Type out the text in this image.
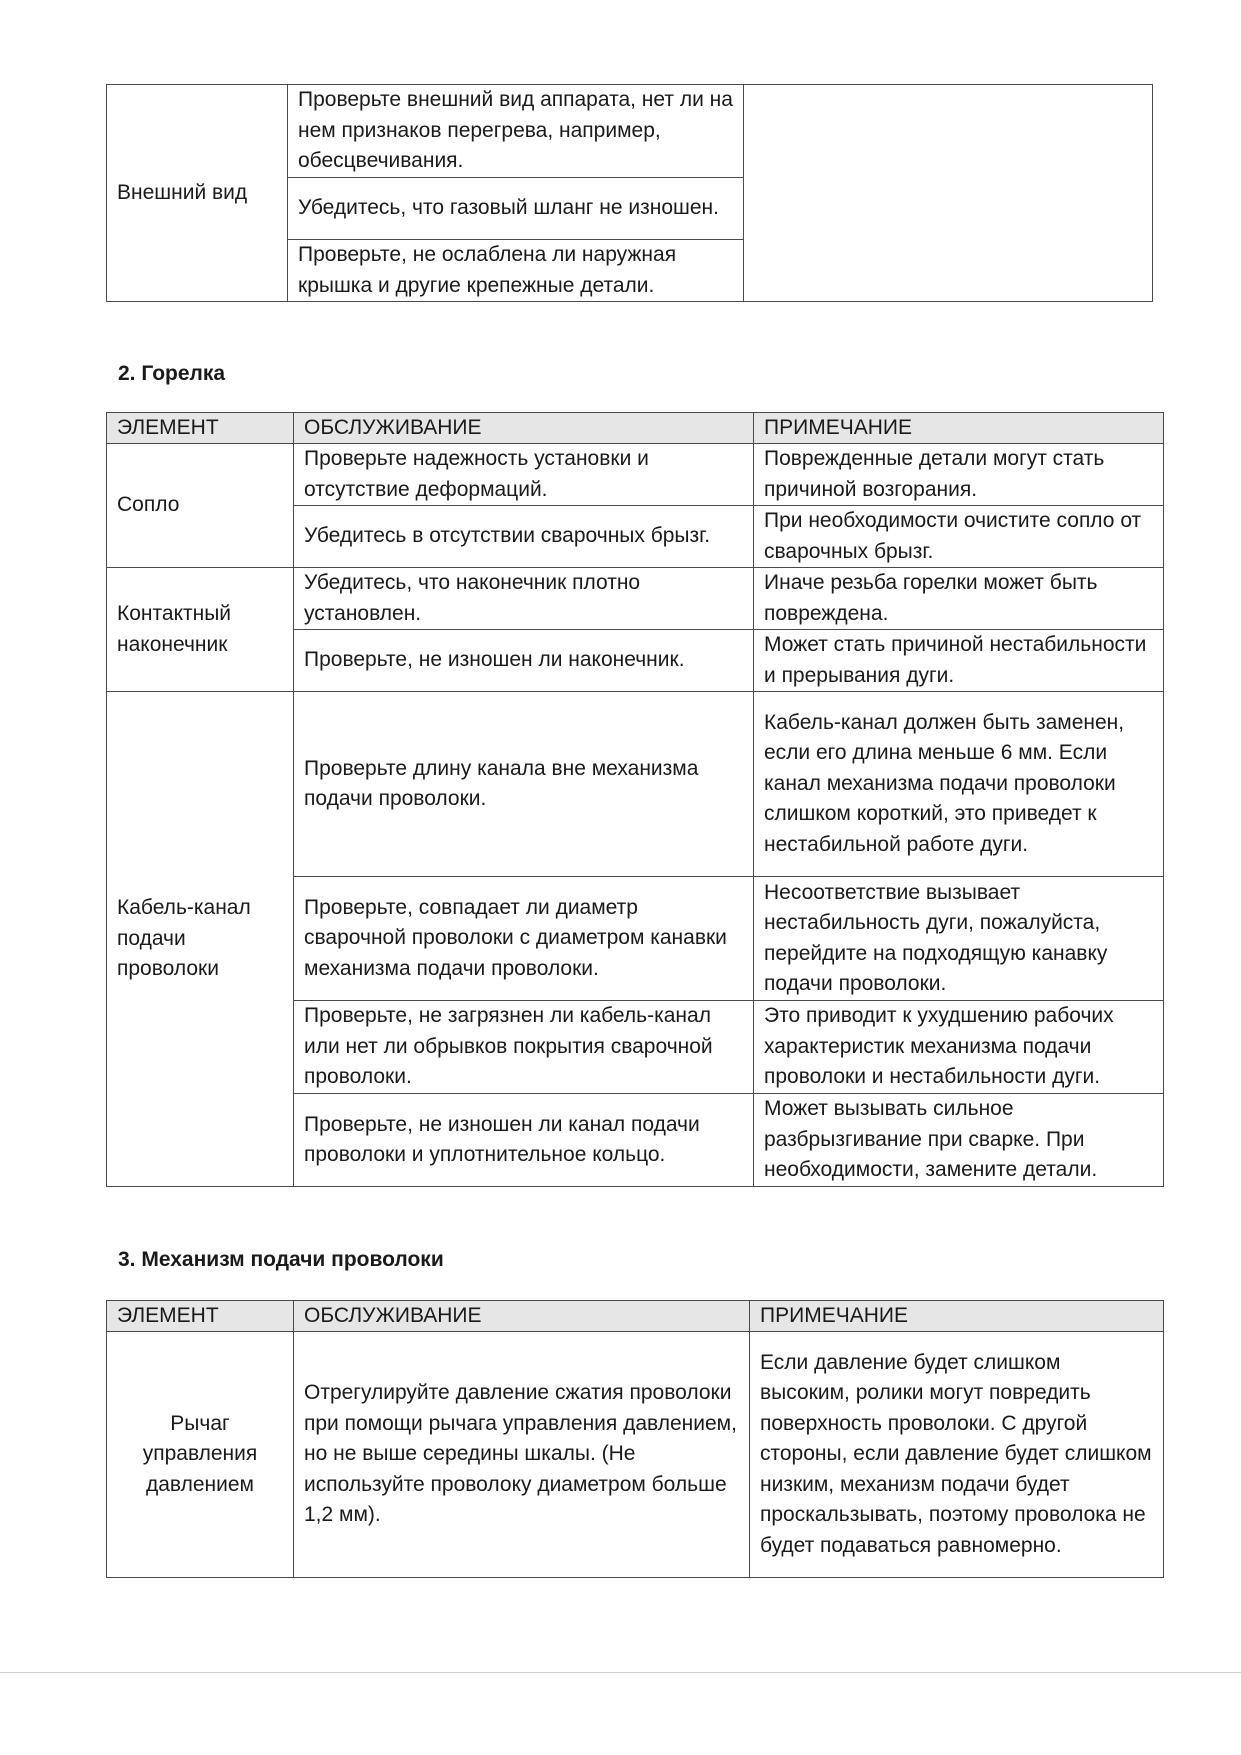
Внешний вид	Проверьте внешний вид аппарата, нет ли на нем признаков перегрева, например, обесцвечивания.	
Убедитесь, что газовый шланг не изношен.
Проверьте, не ослаблена ли наружная крышка и другие крепежные детали.
2. Горелка
ЭЛЕМЕНТ	ОБСЛУЖИВАНИЕ	ПРИМЕЧАНИЕ
Сопло	Проверьте надежность установки и отсутствие деформаций.	Поврежденные детали могут стать причиной возгорания.
	Убедитесь в отсутствии сварочных брызг.	При необходимости очистите сопло от сварочных брызг.
Контактный наконечник	Убедитесь, что наконечник плотно установлен.	Иначе резьба горелки может быть повреждена.
	Проверьте, не изношен ли наконечник.	Может стать причиной нестабильности и прерывания дуги.
Кабель-канал подачи проволоки	Проверьте длину канала вне механизма подачи проволоки.	Кабель-канал должен быть заменен, если его длина меньше 6 мм. Если канал механизма подачи проволоки слишком короткий, это приведет к нестабильной работе дуги.
	Проверьте, совпадает ли диаметр сварочной проволоки с диаметром канавки механизма подачи проволоки.	Несоответствие вызывает нестабильность дуги, пожалуйста, перейдите на подходящую канавку подачи проволоки.
	Проверьте, не загрязнен ли кабель-канал или нет ли обрывков покрытия сварочной проволоки.	Это приводит к ухудшению рабочих характеристик механизма подачи проволоки и нестабильности дуги.
	Проверьте, не изношен ли канал подачи проволоки и уплотнительное кольцо.	Может вызывать сильное разбрызгивание при сварке. При необходимости, замените детали.
3. Механизм подачи проволоки
ЭЛЕМЕНТ	ОБСЛУЖИВАНИЕ	ПРИМЕЧАНИЕ
Рычаг управления давлением	Отрегулируйте давление сжатия проволоки при помощи рычага управления давлением, но не выше середины шкалы. (Не используйте проволоку диаметром больше 1,2 мм).	Если давление будет слишком высоким, ролики могут повредить поверхность проволоки. С другой стороны, если давление будет слишком низким, механизм подачи будет проскальзывать, поэтому проволока не будет подаваться равномерно.
